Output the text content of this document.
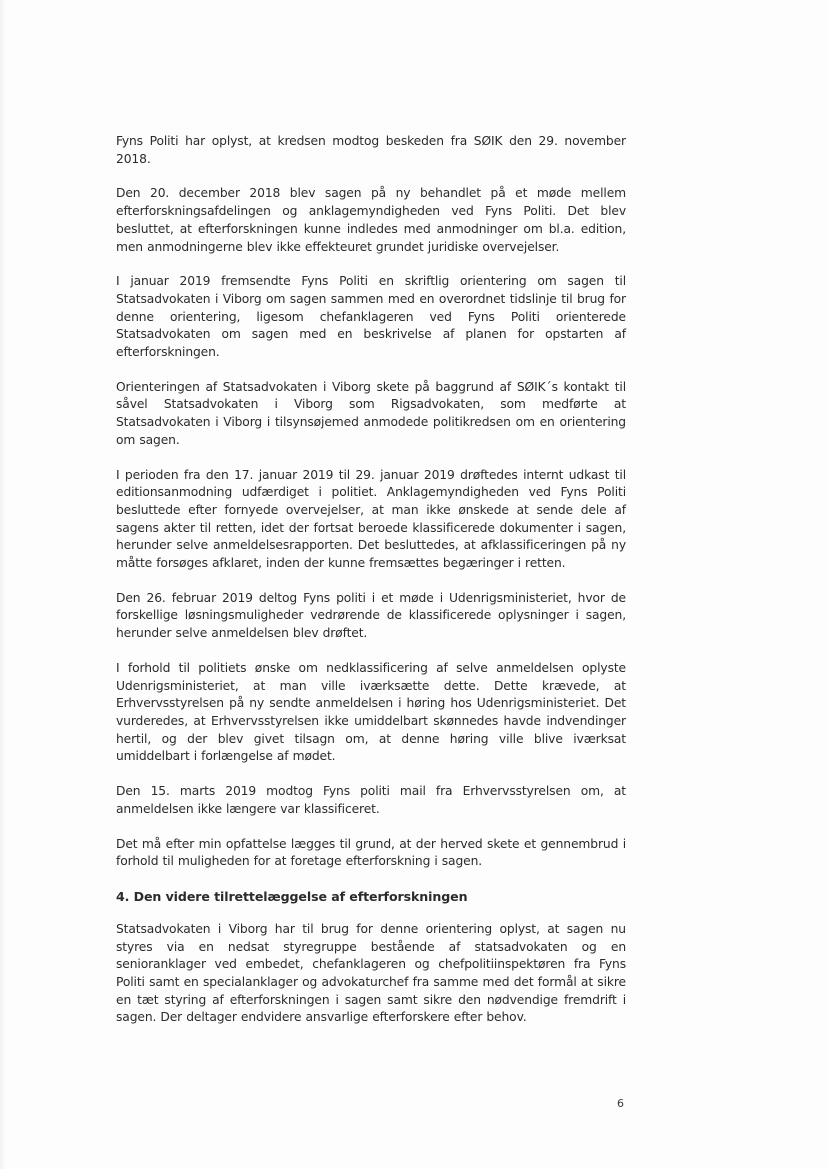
Fyns Politi har oplyst, at kredsen modtog beskeden fra SØIK den 29. november 2018.

Den 20. december 2018 blev sagen på ny behandlet på et møde mellem efterforskningsafdelingen og anklagemyndigheden ved Fyns Politi. Det blev besluttet, at efterforskningen kunne indledes med anmodninger om bl.a. edition, men anmodningerne blev ikke effekteuret grundet juridiske overvejelser.

I januar 2019 fremsendte Fyns Politi en skriftlig orientering om sagen til Statsadvokaten i Viborg om sagen sammen med en overordnet tidslinje til brug for denne orientering, ligesom chefanklageren ved Fyns Politi orienterede Statsadvokaten om sagen med en beskrivelse af planen for opstarten af efterforskningen.

Orienteringen af Statsadvokaten i Viborg skete på baggrund af SØIK´s kontakt til såvel Statsadvokaten i Viborg som Rigsadvokaten, som medførte at Statsadvokaten i Viborg i tilsynsøjemed anmodede politikredsen om en orientering om sagen.

I perioden fra den 17. januar 2019 til 29. januar 2019 drøftedes internt udkast til editionsanmodning udfærdiget i politiet. Anklagemyndigheden ved Fyns Politi besluttede efter fornyede overvejelser, at man ikke ønskede at sende dele af sagens akter til retten, idet der fortsat beroede klassificerede dokumenter i sagen, herunder selve anmeldelsesrapporten. Det besluttedes, at afklassificeringen på ny måtte forsøges afklaret, inden der kunne fremsættes begæringer i retten.

Den 26. februar 2019 deltog Fyns politi i et møde i Udenrigsministeriet, hvor de forskellige løsningsmuligheder vedrørende de klassificerede oplysninger i sagen, herunder selve anmeldelsen blev drøftet.

I forhold til politiets ønske om nedklassificering af selve anmeldelsen oplyste Udenrigsministeriet, at man ville iværksætte dette. Dette krævede, at Erhvervsstyrelsen på ny sendte anmeldelsen i høring hos Udenrigsministeriet. Det vurderedes, at Erhvervsstyrelsen ikke umiddelbart skønnedes havde indvendinger hertil, og der blev givet tilsagn om, at denne høring ville blive iværksat umiddelbart i forlængelse af mødet.

Den 15. marts 2019 modtog Fyns politi mail fra Erhvervsstyrelsen om, at anmeldelsen ikke længere var klassificeret.

Det må efter min opfattelse lægges til grund, at der herved skete et gennembrud i forhold til muligheden for at foretage efterforskning i sagen.

4. Den videre tilrettelæggelse af efterforskningen

Statsadvokaten i Viborg har til brug for denne orientering oplyst, at sagen nu styres via en nedsat styregruppe bestående af statsadvokaten og en senioranklager ved embedet, chefanklageren og chefpolitiinspektøren fra Fyns Politi samt en specialanklager og advokaturchef fra samme med det formål at sikre en tæt styring af efterforskningen i sagen samt sikre den nødvendige fremdrift i sagen. Der deltager endvidere ansvarlige efterforskere efter behov.

6
